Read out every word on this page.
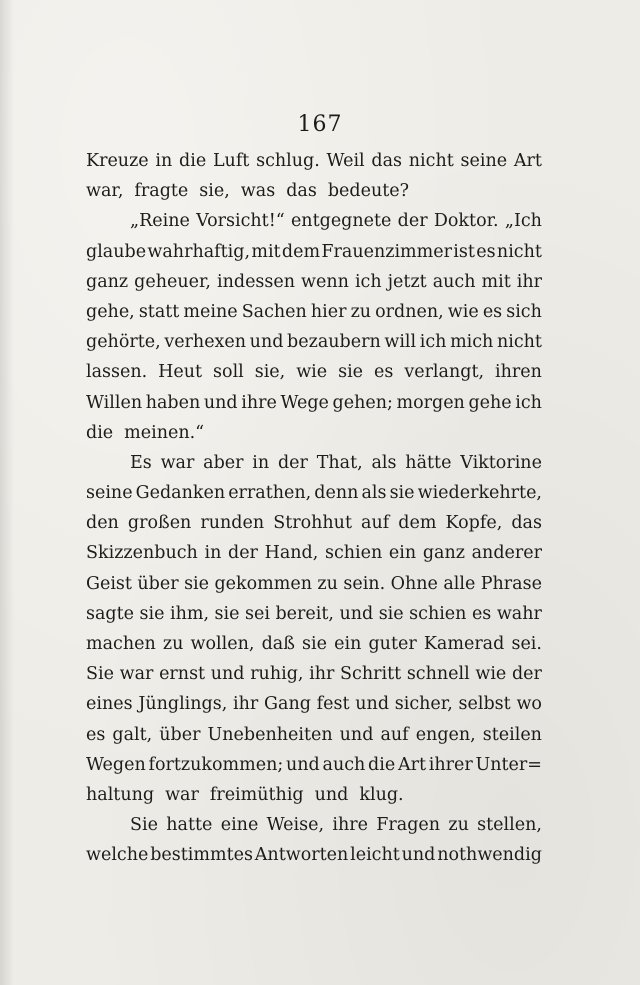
167
Kreuze in die Luft schlug. Weil das nicht seine Art
war, fragte sie, was das bedeute?
„Reine Vorsicht!“ entgegnete der Doktor. „Ich
glaube wahrhaftig, mit dem Frauenzimmer ist es nicht
ganz geheuer, indessen wenn ich jetzt auch mit ihr
gehe, statt meine Sachen hier zu ordnen, wie es sich
gehörte, verhexen und bezaubern will ich mich nicht
lassen. Heut soll sie, wie sie es verlangt, ihren
Willen haben und ihre Wege gehen; morgen gehe ich
die meinen.“
Es war aber in der That, als hätte Viktorine
seine Gedanken errathen, denn als sie wiederkehrte,
den großen runden Strohhut auf dem Kopfe, das
Skizzenbuch in der Hand, schien ein ganz anderer
Geist über sie gekommen zu sein. Ohne alle Phrase
sagte sie ihm, sie sei bereit, und sie schien es wahr
machen zu wollen, daß sie ein guter Kamerad sei.
Sie war ernst und ruhig, ihr Schritt schnell wie der
eines Jünglings, ihr Gang fest und sicher, selbst wo
es galt, über Unebenheiten und auf engen, steilen
Wegen fortzukommen; und auch die Art ihrer Unter=
haltung war freimüthig und klug.
Sie hatte eine Weise, ihre Fragen zu stellen,
welche bestimmtes Antworten leicht und nothwendig
